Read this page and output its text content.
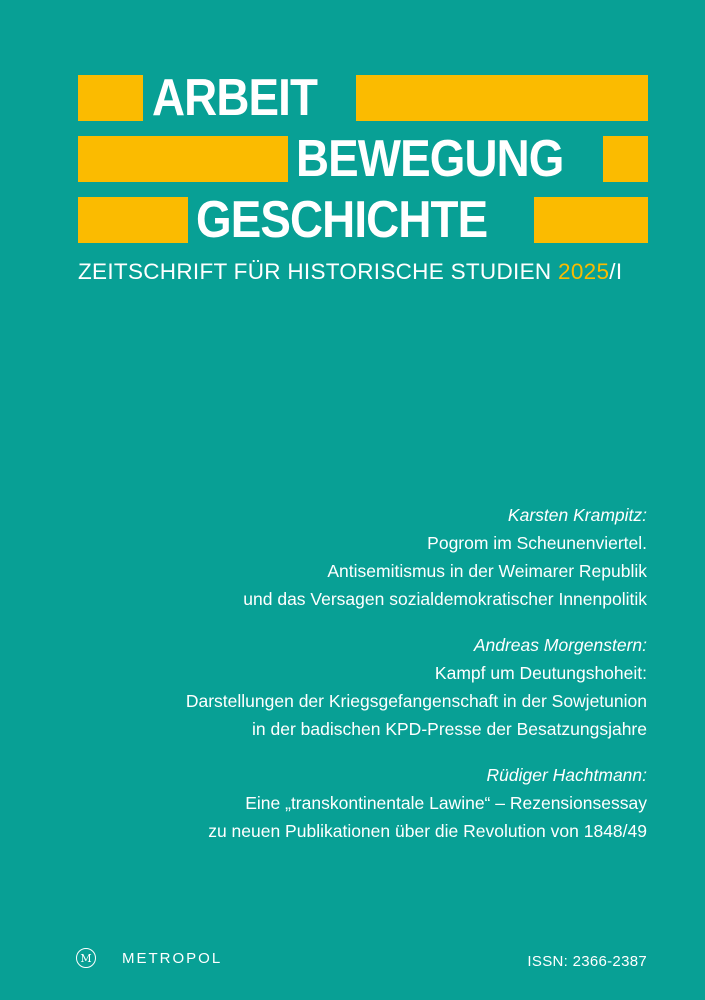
ARBEIT
BEWEGUNG
GESCHICHTE
ZEITSCHRIFT FÜR HISTORISCHE STUDIEN 2025/I
Karsten Krampitz:
Pogrom im Scheunenviertel.
Antisemitismus in der Weimarer Republik
und das Versagen sozialdemokratischer Innenpolitik
Andreas Morgenstern:
Kampf um Deutungshoheit:
Darstellungen der Kriegsgefangenschaft in der Sowjetunion
in der badischen KPD-Presse der Besatzungsjahre
Rüdiger Hachtmann:
Eine „transkontinentale Lawine“ – Rezensionsessay
zu neuen Publikationen über die Revolution von 1848/49
M METROPOL	ISSN: 2366-2387
